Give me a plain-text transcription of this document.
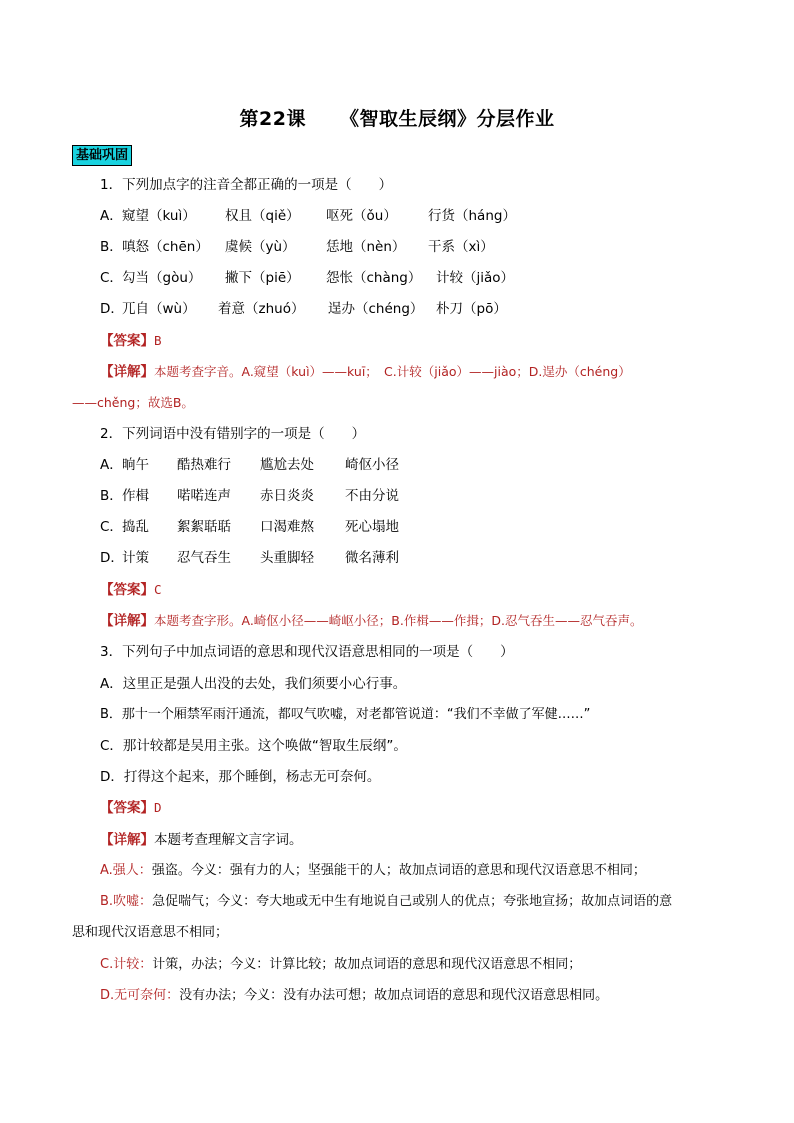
第22课 《智取生辰纲》分层作业
基础巩固
1．下列加点字的注音全都正确的一项是（　　）
A． 窥望（kuì） 权且（qiě） 呕死（ǒu） 行货（háng）
B． 嗔怒（chēn） 虞候（yù） 恁地（nèn） 干系（xì）
C． 勾当（gòu） 撇下（piē） 怨怅（chàng） 计较（jiǎo）
D．
兀自（wù） 着意（zhuó） 逞办（chéng） 朴刀（pō）
【答案】B
【详解】本题考查字音。A.窥望（kuì）——kuī；　C.计较（jiǎo）——jiào；D.逞办（chéng）
——chěng；故选B。
2．下列词语中没有错别字的一项是（　　）
A． 晌午 酷热难行 尴尬去处 崎伛小径
B． 作楫 喏喏连声 赤日炎炎 不由分说
C． 捣乱 絮絮聒聒 口渴难熬 死心塌地
D．
计策 忍气吞生 头重脚轻 微名薄利
【答案】C
【详解】本题考查字形。A.崎伛小径——崎岖小径；B.作楫——作揖；D.忍气吞生——忍气吞声。
3．下列句子中加点词语的意思和现代汉语意思相同的一项是（　　）
A．这里正是强人出没的去处，我们须要小心行事。
B．那十一个厢禁军雨汗通流，都叹气吹嘘，对老都管说道：“我们不幸做了军健……”
C．那计较都是吴用主张。这个唤做“智取生辰纲”。
D．打得这个起来，那个睡倒，杨志无可奈何。
【答案】D
【详解】本题考查理解文言字词。
A.强人：强盗。今义：强有力的人；坚强能干的人；故加点词语的意思和现代汉语意思不相同；
B.吹嘘：急促喘气；今义：夸大地或无中生有地说自己或别人的优点；夸张地宣扬；故加点词语的意
思和现代汉语意思不相同；
C.计较：计策，办法；今义：计算比较；故加点词语的意思和现代汉语意思不相同；
D.无可奈何：没有办法；今义：没有办法可想；故加点词语的意思和现代汉语意思相同。
